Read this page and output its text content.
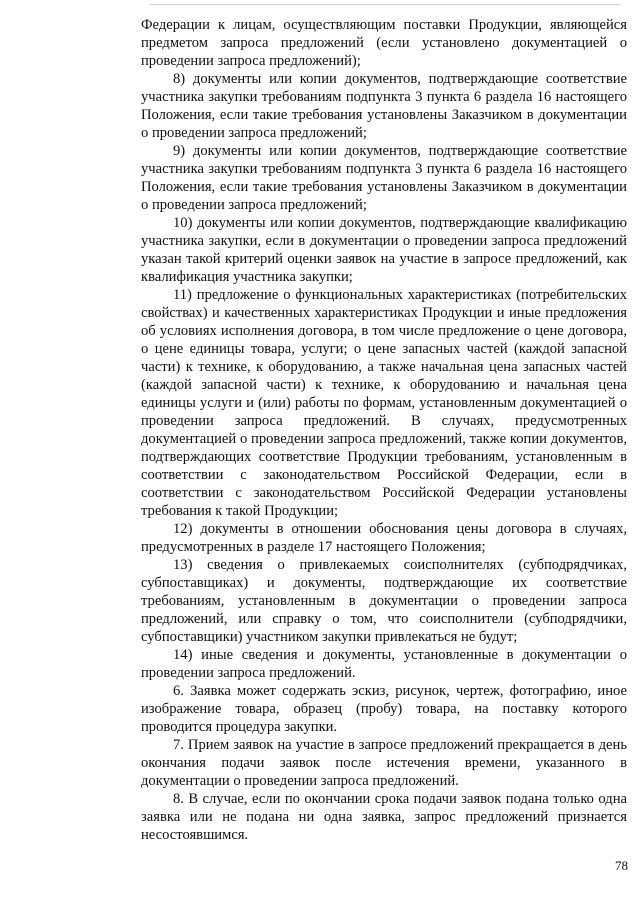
Федерации к лицам, осуществляющим поставки Продукции, являющейся предметом запроса предложений (если установлено документацией о проведении запроса предложений);

8) документы или копии документов, подтверждающие соответствие участника закупки требованиям подпункта 3 пункта 6 раздела 16 настоящего Положения, если такие требования установлены Заказчиком в документации о проведении запроса предложений;

9) документы или копии документов, подтверждающие соответствие участника закупки требованиям подпункта 3 пункта 6 раздела 16 настоящего Положения, если такие требования установлены Заказчиком в документации о проведении запроса предложений;

10) документы или копии документов, подтверждающие квалификацию участника закупки, если в документации о проведении запроса предложений указан такой критерий оценки заявок на участие в запросе предложений, как квалификация участника закупки;

11) предложение о функциональных характеристиках (потребительских свойствах) и качественных характеристиках Продукции и иные предложения об условиях исполнения договора, в том числе предложение о цене договора, о цене единицы товара, услуги; о цене запасных частей (каждой запасной части) к технике, к оборудованию, а также начальная цена запасных частей (каждой запасной части) к технике, к оборудованию и начальная цена единицы услуги и (или) работы по формам, установленным документацией о проведении запроса предложений. В случаях, предусмотренных документацией о проведении запроса предложений, также копии документов, подтверждающих соответствие Продукции требованиям, установленным в соответствии с законодательством Российской Федерации, если в соответствии с законодательством Российской Федерации установлены требования к такой Продукции;

12) документы в отношении обоснования цены договора в случаях, предусмотренных в разделе 17 настоящего Положения;

13) сведения о привлекаемых соисполнителях (субподрядчиках, субпоставщиках) и документы, подтверждающие их соответствие требованиям, установленным в документации о проведении запроса предложений, или справку о том, что соисполнители (субподрядчики, субпоставщики) участником закупки привлекаться не будут;

14) иные сведения и документы, установленные в документации о проведении запроса предложений.

6. Заявка может содержать эскиз, рисунок, чертеж, фотографию, иное изображение товара, образец (пробу) товара, на поставку которого проводится процедура закупки.

7. Прием заявок на участие в запросе предложений прекращается в день окончания подачи заявок после истечения времени, указанного в документации о проведении запроса предложений.

8. В случае, если по окончании срока подачи заявок подана только одна заявка или не подана ни одна заявка, запрос предложений признается несостоявшимся.

78
